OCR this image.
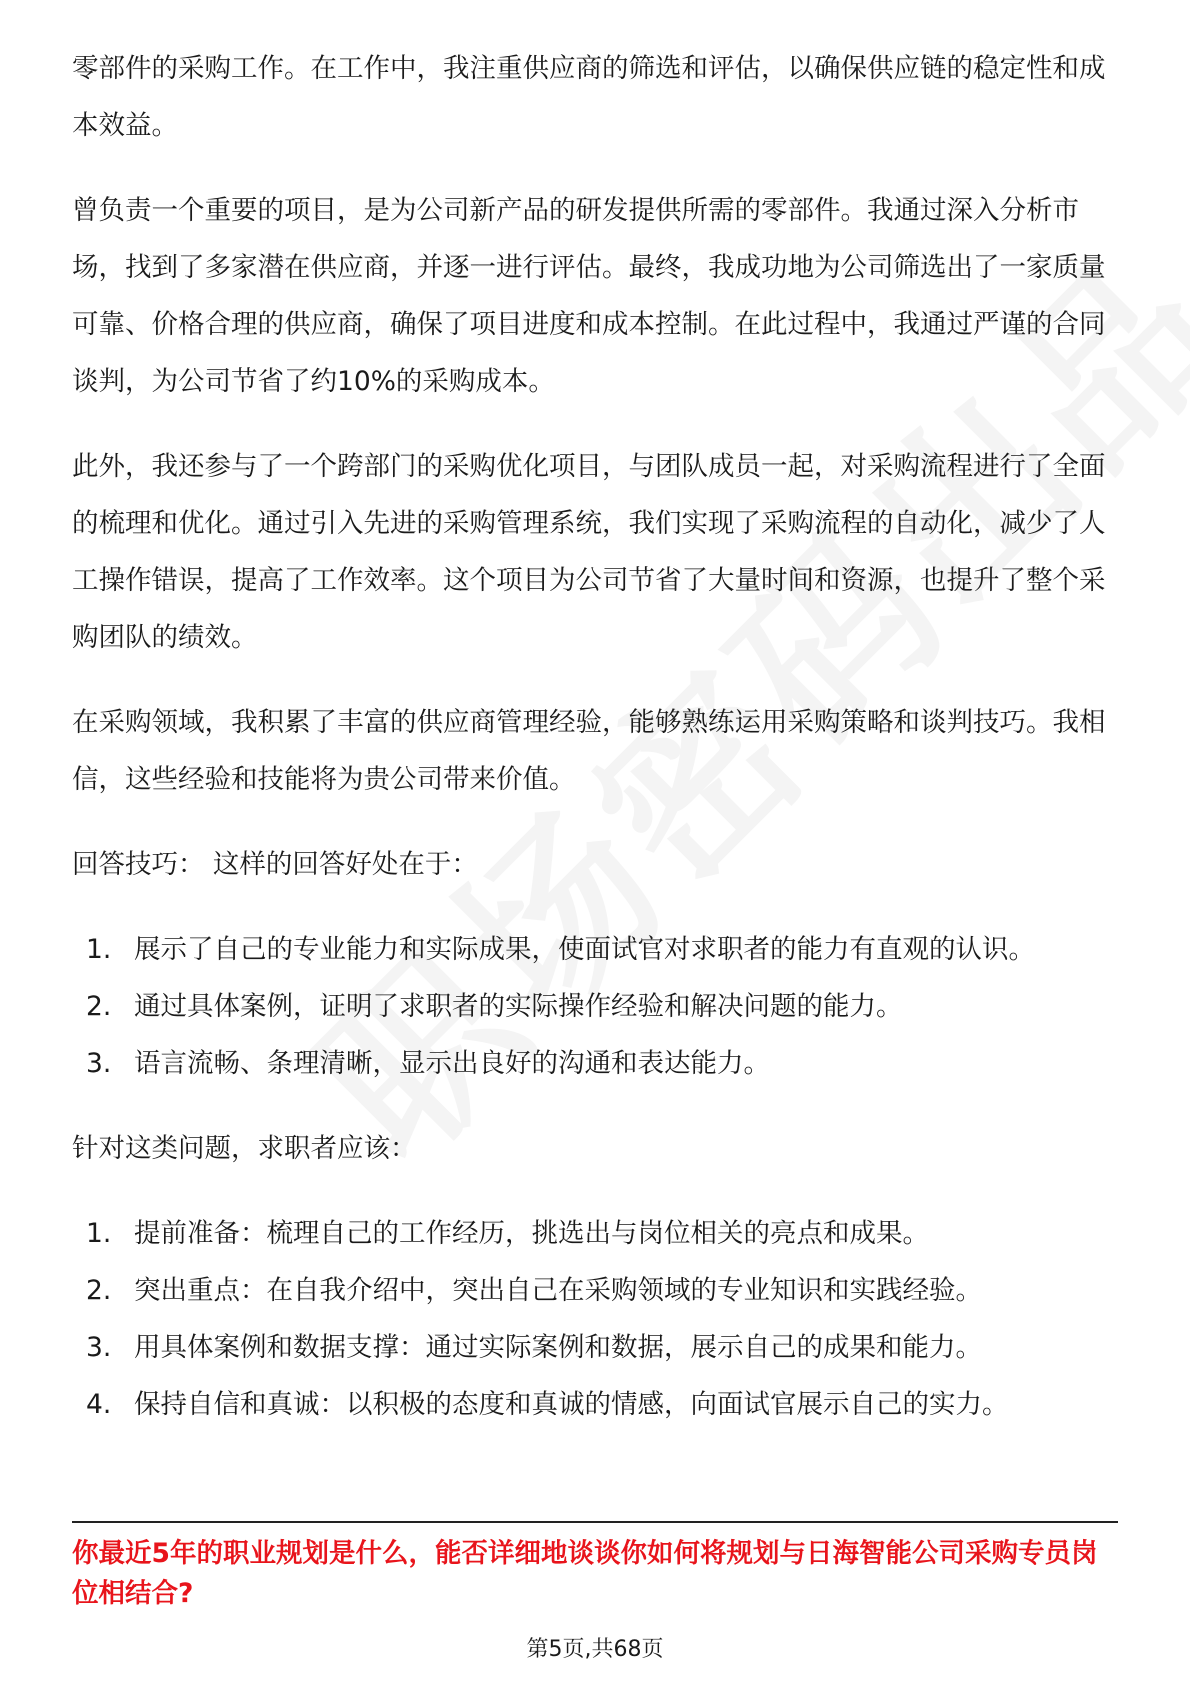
零部件的采购工作。在工作中，我注重供应商的筛选和评估，以确保供应链的稳定性和成本效益。

曾负责一个重要的项目，是为公司新产品的研发提供所需的零部件。我通过深入分析市场，找到了多家潜在供应商，并逐一进行评估。最终，我成功地为公司筛选出了一家质量可靠、价格合理的供应商，确保了项目进度和成本控制。在此过程中，我通过严谨的合同谈判，为公司节省了约10%的采购成本。

此外，我还参与了一个跨部门的采购优化项目，与团队成员一起，对采购流程进行了全面的梳理和优化。通过引入先进的采购管理系统，我们实现了采购流程的自动化，减少了人工操作错误，提高了工作效率。这个项目为公司节省了大量时间和资源，也提升了整个采购团队的绩效。

在采购领域，我积累了丰富的供应商管理经验，能够熟练运用采购策略和谈判技巧。我相信，这些经验和技能将为贵公司带来价值。

回答技巧： 这样的回答好处在于：

1. 展示了自己的专业能力和实际成果，使面试官对求职者的能力有直观的认识。
2. 通过具体案例，证明了求职者的实际操作经验和解决问题的能力。
3. 语言流畅、条理清晰，显示出良好的沟通和表达能力。

针对这类问题，求职者应该：

1. 提前准备：梳理自己的工作经历，挑选出与岗位相关的亮点和成果。
2. 突出重点：在自我介绍中，突出自己在采购领域的专业知识和实践经验。
3. 用具体案例和数据支撑：通过实际案例和数据，展示自己的成果和能力。
4. 保持自信和真诚：以积极的态度和真诚的情感，向面试官展示自己的实力。
你最近5年的职业规划是什么，能否详细地谈谈你如何将规划与日海智能公司采购专员岗位相结合?
第5页,共68页
